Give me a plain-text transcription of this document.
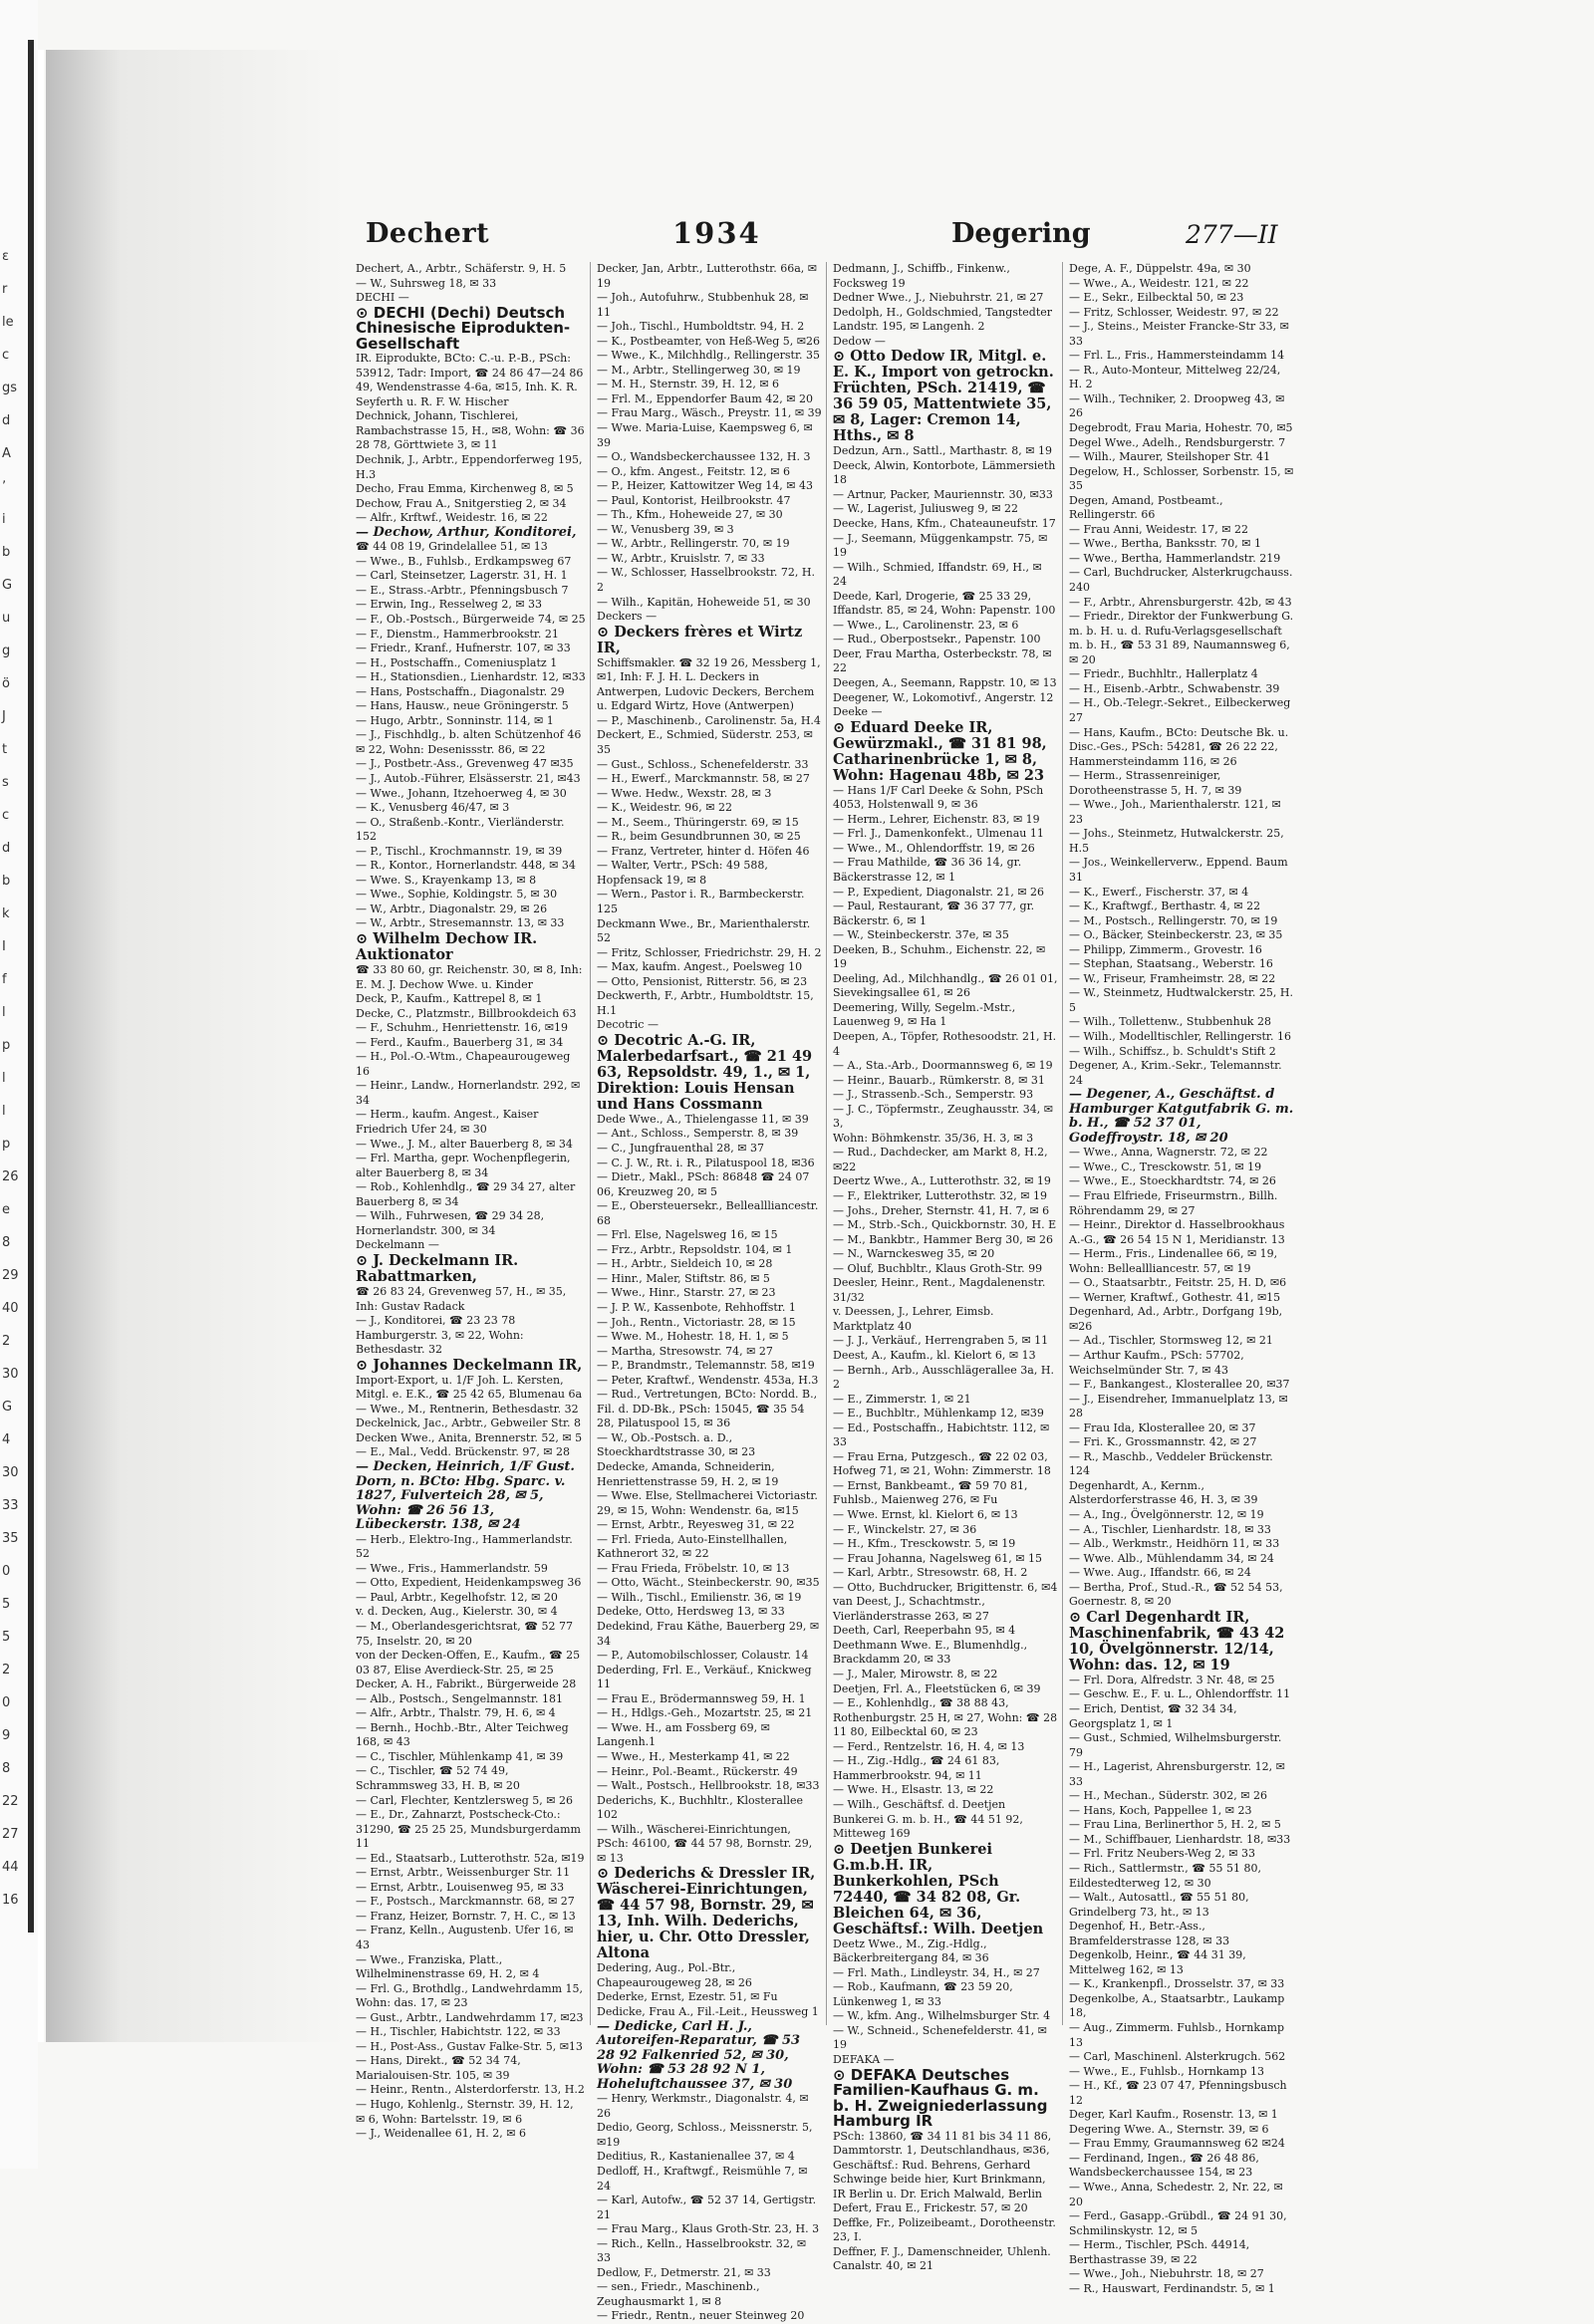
ɛ
r
le
c
gs
d
A
ʼ
i
b
G
u
g
ö
J
t
s
c
d
b
k
I
f
l
p
l
l
p
26
e
8
29
40
2
30
G
4
30
33
35
0
5
5
2
0
9
8
22
27
44
16
Dechert	1934	Degering	277—II

Dechert, A., Arbtr., Schäferstr. 9, H. 5

— W., Suhrsweg 18, ✉ 33

DECHI —

⊙ DECHI (Dechi) Deutsch Chinesische Eiprodukten-Gesellschaft

IR. Eiprodukte, BCto: C.-u. P.-B., PSch: 53912, Tadr: Import, ☎ 24 86 47—24 86 49, Wendenstrasse 4-6a, ✉15, Inh. K. R. Seyferth u. R. F. W. Hischer

Dechnick, Johann, Tischlerei, Rambachstrasse 15, H., ✉8, Wohn: ☎ 36 28 78, Görttwiete 3, ✉ 11

Dechnik, J., Arbtr., Eppendorferweg 195, H.3

Decho, Frau Emma, Kirchenweg 8, ✉ 5

Dechow, Frau A., Snitgerstieg 2, ✉ 34

— Alfr., Krftwf., Weidestr. 16, ✉ 22

— Dechow, Arthur, Konditorei,

☎ 44 08 19, Grindelallee 51, ✉ 13

— Wwe., B., Fuhlsb., Erdkampsweg 67

— Carl, Steinsetzer, Lagerstr. 31, H. 1

— E., Strass.-Arbtr., Pfenningsbusch 7

— Erwin, Ing., Resselweg 2, ✉ 33

— F., Ob.-Postsch., Bürgerweide 74, ✉ 25

— F., Dienstm., Hammerbrookstr. 21

— Friedr., Kranf., Hufnerstr. 107, ✉ 33

— H., Postschaffn., Comeniusplatz 1

— H., Stationsdien., Lienhardstr. 12, ✉33

— Hans, Postschaffn., Diagonalstr. 29

— Hans, Hausw., neue Gröningerstr. 5

— Hugo, Arbtr., Sonninstr. 114, ✉ 1

— J., Fischhdlg., b. alten Schützenhof 46

✉ 22, Wohn: Desenissstr. 86, ✉ 22

— J., Postbetr.-Ass., Grevenweg 47 ✉35

— J., Autob.-Führer, Elsässerstr. 21, ✉43

— Wwe., Johann, Itzehoerweg 4, ✉ 30

— K., Venusberg 46/47, ✉ 3

— O., Straßenb.-Kontr., Vierländerstr. 152

— P., Tischl., Krochmannstr. 19, ✉ 39

— R., Kontor., Hornerlandstr. 448, ✉ 34

— Wwe. S., Krayenkamp 13, ✉ 8

— Wwe., Sophie, Koldingstr. 5, ✉ 30

— W., Arbtr., Diagonalstr. 29, ✉ 26

— W., Arbtr., Stresemannstr. 13, ✉ 33

⊙ Wilhelm Dechow IR. Auktionator

☎ 33 80 60, gr. Reichenstr. 30, ✉ 8, Inh: E. M. J. Dechow Wwe. u. Kinder

Deck, P., Kaufm., Kattrepel 8, ✉ 1

Decke, C., Platzmstr., Billbrookdeich 63

— F., Schuhm., Henriettenstr. 16, ✉19

— Ferd., Kaufm., Bauerberg 31, ✉ 34

— H., Pol.-O.-Wtm., Chapeaurougeweg 16

— Heinr., Landw., Hornerlandstr. 292, ✉34

— Herm., kaufm. Angest., Kaiser Friedrich Ufer 24, ✉ 30

— Wwe., J. M., alter Bauerberg 8, ✉ 34

— Frl. Martha, gepr. Wochenpflegerin, alter Bauerberg 8, ✉ 34

— Rob., Kohlenhdlg., ☎ 29 34 27, alter Bauerberg 8, ✉ 34

— Wilh., Fuhrwesen, ☎ 29 34 28, Hornerlandstr. 300, ✉ 34

Deckelmann —

⊙ J. Deckelmann IR. Rabattmarken,

☎ 26 83 24, Grevenweg 57, H., ✉ 35, Inh: Gustav Radack

— J., Konditorei, ☎ 23 23 78 Hamburgerstr. 3, ✉ 22, Wohn: Bethesdastr. 32

⊙ Johannes Deckelmann IR,

Import-Export, u. 1/F Joh. L. Kersten, Mitgl. e. E.K., ☎ 25 42 65, Blumenau 6a

— Wwe., M., Rentnerin, Bethesdastr. 32

Deckelnick, Jac., Arbtr., Gebweiler Str. 8

Decken Wwe., Anita, Brennerstr. 52, ✉ 5

— E., Mal., Vedd. Brückenstr. 97, ✉ 28

— Decken, Heinrich, 1/F Gust. Dorn, n. BCto: Hbg. Sparc. v. 1827, Fulverteich 28, ✉ 5, Wohn: ☎ 26 56 13, Lübeckerstr. 138, ✉ 24

— Herb., Elektro-Ing., Hammerlandstr. 52

— Wwe., Fris., Hammerlandstr. 59

— Otto, Expedient, Heidenkampsweg 36

— Paul, Arbtr., Kegelhofstr. 12, ✉ 20

v. d. Decken, Aug., Kielerstr. 30, ✉ 4

— M., Oberlandesgerichtsrat, ☎ 52 77 75, Inselstr. 20, ✉ 20

von der Decken-Offen, E., Kaufm., ☎ 25 03 87, Elise Averdieck-Str. 25, ✉ 25

Decker, A. H., Fabrikt., Bürgerweide 28

— Alb., Postsch., Sengelmannstr. 181

— Alfr., Arbtr., Thalstr. 79, H. 6, ✉ 4

— Bernh., Hochb.-Btr., Alter Teichweg 168, ✉ 43

— C., Tischler, Mühlenkamp 41, ✉ 39

— C., Tischler, ☎ 52 74 49, Schrammsweg 33, H. B, ✉ 20

— Carl, Flechter, Kentzlersweg 5, ✉ 26

— E., Dr., Zahnarzt, Postscheck-Cto.: 31290, ☎ 25 25 25, Mundsburgerdamm 11

— Ed., Staatsarb., Lutterothstr. 52a, ✉19

— Ernst, Arbtr., Weissenburger Str. 11

— Ernst, Arbtr., Louisenweg 95, ✉ 33

— F., Postsch., Marckmannstr. 68, ✉ 27

— Franz, Heizer, Bornstr. 7, H. C., ✉ 13

— Franz, Kelln., Augustenb. Ufer 16, ✉43

— Wwe., Franziska, Platt., Wilhelminenstrasse 69, H. 2, ✉ 4

— Frl. G., Brothdlg., Landwehrdamm 15, Wohn: das. 17, ✉ 23

— Gust., Arbtr., Landwehrdamm 17, ✉23

— H., Tischler, Habichtstr. 122, ✉ 33

— H., Post-Ass., Gustav Falke-Str. 5, ✉13

— Hans, Direkt., ☎ 52 34 74, Marialouisen-Str. 105, ✉ 39

— Heinr., Rentn., Alsterdorferstr. 13, H.2

— Hugo, Kohlenlg., Sternstr. 39, H. 12, ✉ 6, Wohn: Bartelsstr. 19, ✉ 6

— J., Weidenallee 61, H. 2, ✉ 6

Decker, Jan, Arbtr., Lutterothstr. 66a, ✉ 19

— Joh., Autofuhrw., Stubbenhuk 28, ✉11

— Joh., Tischl., Humboldtstr. 94, H. 2

— K., Postbeamter, von Heß-Weg 5, ✉26

— Wwe., K., Milchhdlg., Rellingerstr. 35

— M., Arbtr., Stellingerweg 30, ✉ 19

— M. H., Sternstr. 39, H. 12, ✉ 6

— Frl. M., Eppendorfer Baum 42, ✉ 20

— Frau Marg., Wäsch., Preystr. 11, ✉ 39

— Wwe. Maria-Luise, Kaempsweg 6, ✉39

— O., Wandsbeckerchaussee 132, H. 3

— O., kfm. Angest., Feitstr. 12, ✉ 6

— P., Heizer, Kattowitzer Weg 14, ✉ 43

— Paul, Kontorist, Heilbrookstr. 47

— Th., Kfm., Hoheweide 27, ✉ 30

— W., Venusberg 39, ✉ 3

— W., Arbtr., Rellingerstr. 70, ✉ 19

— W., Arbtr., Kruislstr. 7, ✉ 33

— W., Schlosser, Hasselbrookstr. 72, H. 2

— Wilh., Kapitän, Hoheweide 51, ✉ 30

Deckers —

⊙ Deckers frères et Wirtz IR,

Schiffsmakler. ☎ 32 19 26, Messberg 1, ✉1, Inh: F. J. H. L. Deckers in Antwerpen, Ludovic Deckers, Berchem u. Edgard Wirtz, Hove (Antwerpen)

— P., Maschinenb., Carolinenstr. 5a, H.4

Deckert, E., Schmied, Süderstr. 253, ✉ 35

— Gust., Schloss., Schenefelderstr. 33

— H., Ewerf., Marckmannstr. 58, ✉ 27

— Wwe. Hedw., Wexstr. 28, ✉ 3

— K., Weidestr. 96, ✉ 22

— M., Seem., Thüringerstr. 69, ✉ 15

— R., beim Gesundbrunnen 30, ✉ 25

— Franz, Vertreter, hinter d. Höfen 46

— Walter, Vertr., PSch: 49 588, Hopfensack 19, ✉ 8

— Wern., Pastor i. R., Barmbeckerstr. 125

Deckmann Wwe., Br., Marienthalerstr. 52

— Fritz, Schlosser, Friedrichstr. 29, H. 2

— Max, kaufm. Angest., Poelsweg 10

— Otto, Pensionist, Ritterstr. 56, ✉ 23

Deckwerth, F., Arbtr., Humboldtstr. 15, H.1

Decotric —

⊙ Decotric A.-G. IR, Malerbedarfsart., ☎ 21 49 63, Repsoldstr. 49, 1., ✉ 1, Direktion: Louis Hensan und Hans Cossmann

Dede Wwe., A., Thielengasse 11, ✉ 39

— Ant., Schloss., Semperstr. 8, ✉ 39

— C., Jungfrauenthal 28, ✉ 37

— C. J. W., Rt. i. R., Pilatuspool 18, ✉36

— Dietr., Makl., PSch: 86848 ☎ 24 07 06, Kreuzweg 20, ✉ 5

— E., Obersteuersekr., Belleallliancestr. 68

— Frl. Else, Nagelsweg 16, ✉ 15

— Frz., Arbtr., Repsoldstr. 104, ✉ 1

— H., Arbtr., Sieldeich 10, ✉ 28

— Hinr., Maler, Stiftstr. 86, ✉ 5

— Wwe., Hinr., Starstr. 27, ✉ 23

— J. P. W., Kassenbote, Rehhoffstr. 1

— Joh., Rentn., Victoriastr. 28, ✉ 15

— Wwe. M., Hohestr. 18, H. 1, ✉ 5

— Martha, Stresowstr. 74, ✉ 27

— P., Brandmstr., Telemannstr. 58, ✉19

— Peter, Kraftwf., Wendenstr. 453a, H.3

— Rud., Vertretungen, BCto: Nordd. B., Fil. d. DD-Bk., PSch: 15045, ☎ 35 54 28, Pilatuspool 15, ✉ 36

— W., Ob.-Postsch. a. D., Stoeckhardtstrasse 30, ✉ 23

Dedecke, Amanda, Schneiderin, Henriettenstrasse 59, H. 2, ✉ 19

— Wwe. Else, Stellmacherei Victoriastr. 29, ✉ 15, Wohn: Wendenstr. 6a, ✉15

— Ernst, Arbtr., Reyesweg 31, ✉ 22

— Frl. Frieda, Auto-Einstellhallen, Kathnerort 32, ✉ 22

— Frau Frieda, Fröbelstr. 10, ✉ 13

— Otto, Wächt., Steinbeckerstr. 90, ✉35

— Wilh., Tischl., Emilienstr. 36, ✉ 19

Dedeke, Otto, Herdsweg 13, ✉ 33

Dedekind, Frau Käthe, Bauerberg 29, ✉34

— P., Automobilschlosser, Colaustr. 14

Dederding, Frl. E., Verkäuf., Knickweg 11

— Frau E., Brödermannsweg 59, H. 1

— H., Hdlgs.-Geh., Mozartstr. 25, ✉ 21

— Wwe. H., am Fossberg 69, ✉ Langenh.1

— Wwe., H., Mesterkamp 41, ✉ 22

— Heinr., Pol.-Beamt., Rückerstr. 49

— Walt., Postsch., Hellbrookstr. 18, ✉33

Dederichs, K., Buchhltr., Klosterallee 102

— Wilh., Wäscherei-Einrichtungen, PSch: 46100, ☎ 44 57 98, Bornstr. 29, ✉ 13

⊙ Dederichs & Dressler IR, Wäscherei-Einrichtungen, ☎ 44 57 98, Bornstr. 29, ✉ 13, Inh. Wilh. Dederichs, hier, u. Chr. Otto Dressler, Altona

Dedering, Aug., Pol.-Btr., Chapeaurougeweg 28, ✉ 26

Dederke, Ernst, Ezestr. 51, ✉ Fu

Dedicke, Frau A., Fil.-Leit., Heussweg 1

— Dedicke, Carl H. J., Autoreifen-Reparatur, ☎ 53 28 92 Falkenried 52, ✉ 30, Wohn: ☎ 53 28 92 N 1, Hoheluftchaussee 37, ✉ 30

— Henry, Werkmstr., Diagonalstr. 4, ✉26

Dedio, Georg, Schloss., Meissnerstr. 5, ✉19

Deditius, R., Kastanienallee 37, ✉ 4

Dedloff, H., Kraftwgf., Reismühle 7, ✉ 24

— Karl, Autofw., ☎ 52 37 14, Gertigstr. 21

— Frau Marg., Klaus Groth-Str. 23, H. 3

— Rich., Kelln., Hasselbrookstr. 32, ✉ 33

Dedlow, F., Detmerstr. 21, ✉ 33

— sen., Friedr., Maschinenb., Zeughausmarkt 1, ✉ 8

— Friedr., Rentn., neuer Steinweg 20

Dedmann, J., Schiffb., Finkenw., Focksweg 19

Dedner Wwe., J., Niebuhrstr. 21, ✉ 27

Dedolph, H., Goldschmied, Tangstedter Landstr. 195, ✉ Langenh. 2

Dedow —

⊙ Otto Dedow IR, Mitgl. e. E. K., Import von getrockn. Früchten, PSch. 21419, ☎ 36 59 05, Mattentwiete 35, ✉ 8, Lager: Cremon 14, Hths., ✉ 8

Dedzun, Arn., Sattl., Marthastr. 8, ✉ 19

Deeck, Alwin, Kontorbote, Lämmersieth 18

— Artnur, Packer, Mauriennstr. 30, ✉33

— W., Lagerist, Juliusweg 9, ✉ 22

Deecke, Hans, Kfm., Chateauneufstr. 17

— J., Seemann, Müggenkampstr. 75, ✉ 19

— Wilh., Schmied, Iffandstr. 69, H., ✉ 24

Deede, Karl, Drogerie, ☎ 25 33 29, Iffandstr. 85, ✉ 24, Wohn: Papenstr. 100

— Wwe., L., Carolinenstr. 23, ✉ 6

— Rud., Oberpostsekr., Papenstr. 100

Deer, Frau Martha, Osterbeckstr. 78, ✉22

Deegen, A., Seemann, Rappstr. 10, ✉ 13

Deegener, W., Lokomotivf., Angerstr. 12

Deeke —

⊙ Eduard Deeke IR, Gewürzmakl., ☎ 31 81 98, Catharinenbrücke 1, ✉ 8, Wohn: Hagenau 48b, ✉ 23

— Hans 1/F Carl Deeke & Sohn, PSch 4053, Holstenwall 9, ✉ 36

— Herm., Lehrer, Eichenstr. 83, ✉ 19

— Frl. J., Damenkonfekt., Ulmenau 11

— Wwe., M., Ohlendorffstr. 19, ✉ 26

— Frau Mathilde, ☎ 36 36 14, gr. Bäckerstrasse 12, ✉ 1

— P., Expedient, Diagonalstr. 21, ✉ 26

— Paul, Restaurant, ☎ 36 37 77, gr. Bäckerstr. 6, ✉ 1

— W., Steinbeckerstr. 37e, ✉ 35

Deeken, B., Schuhm., Eichenstr. 22, ✉ 19

Deeling, Ad., Milchhandlg., ☎ 26 01 01, Sievekingsallee 61, ✉ 26

Deemering, Willy, Segelm.-Mstr., Lauenweg 9, ✉ Ha 1

Deepen, A., Töpfer, Rothesoodstr. 21, H. 4

— A., Sta.-Arb., Doormannsweg 6, ✉ 19

— Heinr., Bauarb., Rümkerstr. 8, ✉ 31

— J., Strassenb.-Sch., Semperstr. 93

— J. C., Töpfermstr., Zeughausstr. 34, ✉3,

Wohn: Böhmkenstr. 35/36, H. 3, ✉ 3

— Rud., Dachdecker, am Markt 8, H.2, ✉22

Deertz Wwe., A., Lutterothstr. 32, ✉ 19

— F., Elektriker, Lutterothstr. 32, ✉ 19

— Johs., Dreher, Sternstr. 41, H. 7, ✉ 6

— M., Strb.-Sch., Quickbornstr. 30, H. E

— M., Bankbtr., Hammer Berg 30, ✉ 26

— N., Warnckesweg 35, ✉ 20

— Oluf, Buchbltr., Klaus Groth-Str. 99

Deesler, Heinr., Rent., Magdalenenstr. 31/32

v. Deessen, J., Lehrer, Eimsb. Marktplatz 40

— J. J., Verkäuf., Herrengraben 5, ✉ 11

Deest, A., Kaufm., kl. Kielort 6, ✉ 13

— Bernh., Arb., Ausschlägerallee 3a, H. 2

— E., Zimmerstr. 1, ✉ 21

— E., Buchbltr., Mühlenkamp 12, ✉39

— Ed., Postschaffn., Habichtstr. 112, ✉33

— Frau Erna, Putzgesch., ☎ 22 02 03, Hofweg 71, ✉ 21, Wohn: Zimmerstr. 18

— Ernst, Bankbeamt., ☎ 59 70 81, Fuhlsb., Maienweg 276, ✉ Fu

— Wwe. Ernst, kl. Kielort 6, ✉ 13

— F., Winckelstr. 27, ✉ 36

— H., Kfm., Tresckowstr. 5, ✉ 19

— Frau Johanna, Nagelsweg 61, ✉ 15

— Karl, Arbtr., Stresowstr. 68, H. 2

— Otto, Buchdrucker, Brigittenstr. 6, ✉4

van Deest, J., Schachtmstr., Vierländerstrasse 263, ✉ 27

Deeth, Carl, Reeperbahn 95, ✉ 4

Deethmann Wwe. E., Blumenhdlg., Brackdamm 20, ✉ 33

— J., Maler, Mirowstr. 8, ✉ 22

Deetjen, Frl. A., Fleetstücken 6, ✉ 39

— E., Kohlenhdlg., ☎ 38 88 43, Rothenburgstr. 25 H, ✉ 27, Wohn: ☎ 28 11 80, Eilbecktal 60, ✉ 23

— Ferd., Rentzelstr. 16, H. 4, ✉ 13

— H., Zig.-Hdlg., ☎ 24 61 83, Hammerbrookstr. 94, ✉ 11

— Wwe. H., Elsastr. 13, ✉ 22

— Wilh., Geschäftsf. d. Deetjen Bunkerei G. m. b. H., ☎ 44 51 92, Mitteweg 169

⊙ Deetjen Bunkerei G.m.b.H. IR, Bunkerkohlen, PSch 72440, ☎ 34 82 08, Gr. Bleichen 64, ✉ 36, Geschäftsf.: Wilh. Deetjen

Deetz Wwe., M., Zig.-Hdlg., Bäckerbreitergang 84, ✉ 36

— Frl. Math., Lindleystr. 34, H., ✉ 27

— Rob., Kaufmann, ☎ 23 59 20, Lünkenweg 1, ✉ 33

— W., kfm. Ang., Wilhelmsburger Str. 4

— W., Schneid., Schenefelderstr. 41, ✉19

DEFAKA —

⊙ DEFAKA Deutsches Familien-Kaufhaus G. m. b. H. Zweigniederlassung Hamburg IR

PSch: 13860, ☎ 34 11 81 bis 34 11 86, Dammtorstr. 1, Deutschlandhaus, ✉36, Geschäftsf.: Rud. Behrens, Gerhard Schwinge beide hier, Kurt Brinkmann, IR Berlin u. Dr. Erich Malwald, Berlin

Defert, Frau E., Frickestr. 57, ✉ 20

Deffke, Fr., Polizeibeamt., Dorotheenstr. 23, I.

Deffner, F. J., Damenschneider, Uhlenh. Canalstr. 40, ✉ 21

Dege, A. F., Düppelstr. 49a, ✉ 30

— Wwe., A., Weidestr. 121, ✉ 22

— E., Sekr., Eilbecktal 50, ✉ 23

— Fritz, Schlosser, Weidestr. 97, ✉ 22

— J., Steins., Meister Francke-Str 33, ✉33

— Frl. L., Fris., Hammersteindamm 14

— R., Auto-Monteur, Mittelweg 22/24, H. 2

— Wilh., Techniker, 2. Droopweg 43, ✉26

Degebrodt, Frau Maria, Hohestr. 70, ✉5

Degel Wwe., Adelh., Rendsburgerstr. 7

— Wilh., Maurer, Steilshoper Str. 41

Degelow, H., Schlosser, Sorbenstr. 15, ✉35

Degen, Amand, Postbeamt., Rellingerstr. 66

— Frau Anni, Weidestr. 17, ✉ 22

— Wwe., Bertha, Banksstr. 70, ✉ 1

— Wwe., Bertha, Hammerlandstr. 219

— Carl, Buchdrucker, Alsterkrugchauss. 240

— F., Arbtr., Ahrensburgerstr. 42b, ✉ 43

— Friedr., Direktor der Funkwerbung G. m. b. H. u. d. Rufu-Verlagsgesellschaft m. b. H., ☎ 53 31 89, Naumannsweg 6, ✉ 20

— Friedr., Buchhltr., Hallerplatz 4

— H., Eisenb.-Arbtr., Schwabenstr. 39

— H., Ob.-Telegr.-Sekret., Eilbeckerweg 27

— Hans, Kaufm., BCto: Deutsche Bk. u. Disc.-Ges., PSch: 54281, ☎ 26 22 22, Hammersteindamm 116, ✉ 26

— Herm., Strassenreiniger, Dorotheenstrasse 5, H. 7, ✉ 39

— Wwe., Joh., Marienthalerstr. 121, ✉ 23

— Johs., Steinmetz, Hutwalckerstr. 25, H.5

— Jos., Weinkellerverw., Eppend. Baum 31

— K., Ewerf., Fischerstr. 37, ✉ 4

— K., Kraftwgf., Berthastr. 4, ✉ 22

— M., Postsch., Rellingerstr. 70, ✉ 19

— O., Bäcker, Steinbeckerstr. 23, ✉ 35

— Philipp, Zimmerm., Grovestr. 16

— Stephan, Staatsang., Weberstr. 16

— W., Friseur, Framheimstr. 28, ✉ 22

— W., Steinmetz, Hudtwalckerstr. 25, H. 5

— Wilh., Tollettenw., Stubbenhuk 28

— Wilh., Modelltischler, Rellingerstr. 16

— Wilh., Schiffsz., b. Schuldt's Stift 2

Degener, A., Krim.-Sekr., Telemannstr. 24

— Degener, A., Geschäftst. d Hamburger Katgutfabrik G. m. b. H., ☎ 52 37 01, Godeffroystr. 18, ✉ 20

— Wwe., Anna, Wagnerstr. 72, ✉ 22

— Wwe., C., Tresckowstr. 51, ✉ 19

— Wwe., E., Stoeckhardtstr. 74, ✉ 26

— Frau Elfriede, Friseurmstrn., Billh. Röhrendamm 29, ✉ 27

— Heinr., Direktor d. Hasselbrookhaus A.-G., ☎ 26 54 15 N 1, Meridianstr. 13

— Herm., Fris., Lindenallee 66, ✉ 19, Wohn: Belleallliancestr. 57, ✉ 19

— O., Staatsarbtr., Feitstr. 25, H. D, ✉6

— Werner, Kraftwf., Gothestr. 41, ✉15

Degenhard, Ad., Arbtr., Dorfgang 19b, ✉26

— Ad., Tischler, Stormsweg 12, ✉ 21

— Arthur Kaufm., PSch: 57702, Weichselmünder Str. 7, ✉ 43

— F., Bankangest., Klosterallee 20, ✉37

— J., Eisendreher, Immanuelplatz 13, ✉28

— Frau Ida, Klosterallee 20, ✉ 37

— Fri. K., Grossmannstr. 42, ✉ 27

— R., Maschb., Veddeler Brückenstr. 124

Degenhardt, A., Kernm., Alsterdorferstrasse 46, H. 3, ✉ 39

— A., Ing., Övelgönnerstr. 12, ✉ 19

— A., Tischler, Lienhardstr. 18, ✉ 33

— Alb., Werkmstr., Heidhörn 11, ✉ 33

— Wwe. Alb., Mühlendamm 34, ✉ 24

— Wwe. Aug., Iffandstr. 66, ✉ 24

— Bertha, Prof., Stud.-R., ☎ 52 54 53, Goernestr. 8, ✉ 20

⊙ Carl Degenhardt IR, Maschinenfabrik, ☎ 43 42 10, Övelgönnerstr. 12/14, Wohn: das. 12, ✉ 19

— Frl. Dora, Alfredstr. 3 Nr. 48, ✉ 25

— Geschw. E., F. u. L., Ohlendorffstr. 11

— Erich, Dentist, ☎ 32 34 34, Georgsplatz 1, ✉ 1

— Gust., Schmied, Wilhelmsburgerstr. 79

— H., Lagerist, Ahrensburgerstr. 12, ✉33

— H., Mechan., Süderstr. 302, ✉ 26

— Hans, Koch, Pappellee 1, ✉ 23

— Frau Lina, Berlinerthor 5, H. 2, ✉ 5

— M., Schiffbauer, Lienhardstr. 18, ✉33

— Frl. Fritz Neubers-Weg 2, ✉ 33

— Rich., Sattlermstr., ☎ 55 51 80, Eildestedterweg 12, ✉ 30

— Walt., Autosattl., ☎ 55 51 80, Grindelberg 73, ht., ✉ 13

Degenhof, H., Betr.-Ass., Bramfelderstrasse 128, ✉ 33

Degenkolb, Heinr., ☎ 44 31 39, Mittelweg 162, ✉ 13

— K., Krankenpfl., Drosselstr. 37, ✉ 33

Degenkolbe, A., Staatsarbtr., Laukamp 18,

— Aug., Zimmerm. Fuhlsb., Hornkamp 13

— Carl, Maschinenl. Alsterkrugch. 562

— Wwe., E., Fuhlsb., Hornkamp 13

— H., Kf., ☎ 23 07 47, Pfenningsbusch 12

Deger, Karl Kaufm., Rosenstr. 13, ✉ 1

Degering Wwe. A., Sternstr. 39, ✉ 6

— Frau Emmy, Graumannsweg 62 ✉24

— Ferdinand, Ingen., ☎ 26 48 86, Wandsbeckerchaussee 154, ✉ 23

— Wwe., Anna, Schedestr. 2, Nr. 22, ✉20

— Ferd., Gasapp.-Grübdl., ☎ 24 91 30, Schmilinskystr. 12, ✉ 5

— Herm., Tischler, PSch. 44914, Berthastrasse 39, ✉ 22

— Wwe., Joh., Niebuhrstr. 18, ✉ 27

— R., Hauswart, Ferdinandstr. 5, ✉ 1
